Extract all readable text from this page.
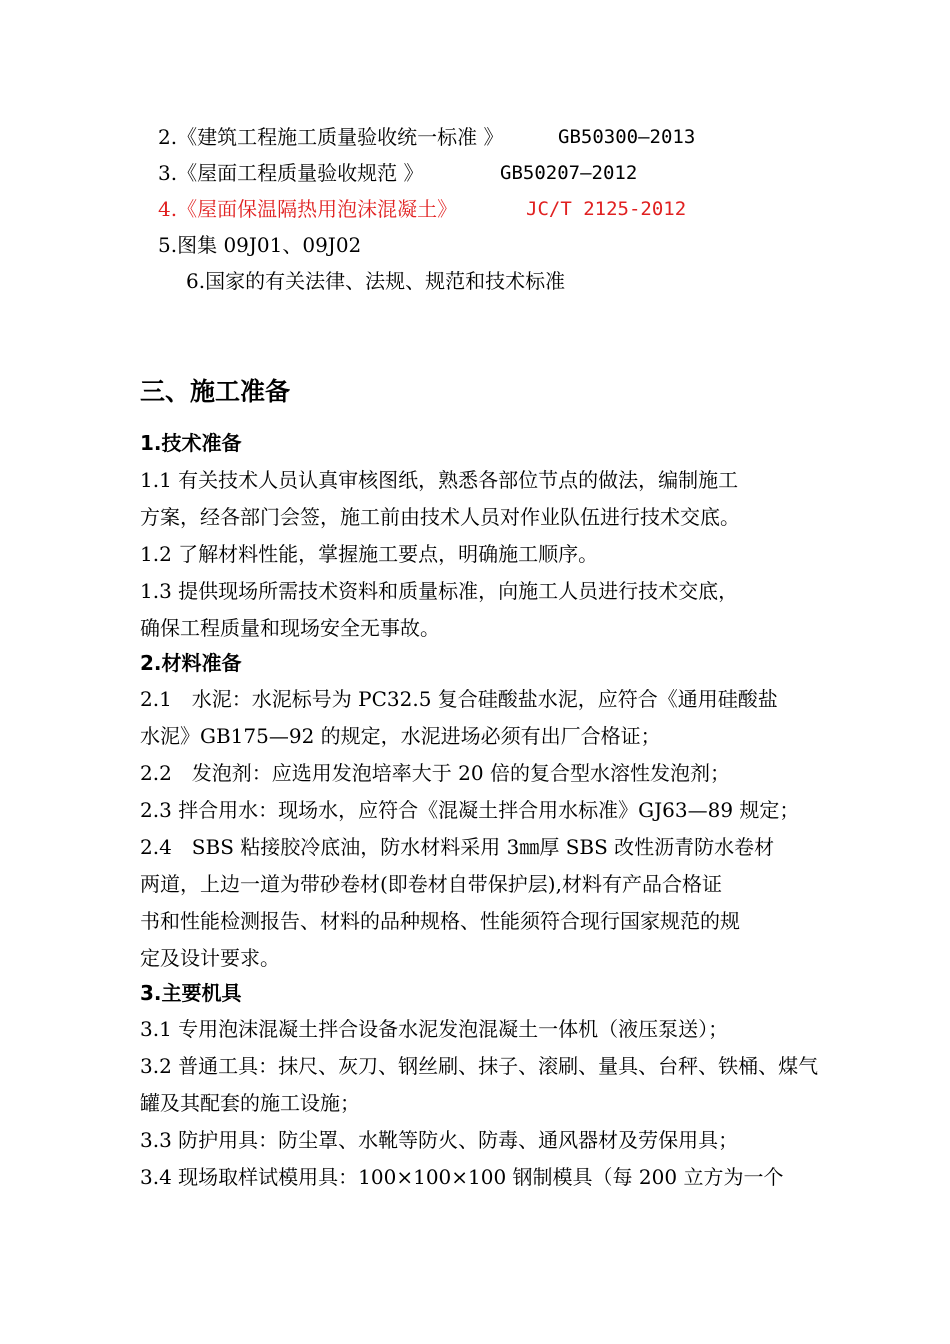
2.《建筑工程施工质量验收统一标准 》	GB50300—2013
3.《屋面工程质量验收规范 》	GB50207—2012
4.《屋面保温隔热用泡沫混凝土》	JC/T 2125-2012
5.图集 09J01、09J02
6.国家的有关法律、法规、规范和技术标准
三、施工准备
1.技术准备
1.1 有关技术人员认真审核图纸，熟悉各部位节点的做法，编制施工
方案，经各部门会签，施工前由技术人员对作业队伍进行技术交底。
1.2 了解材料性能，掌握施工要点，明确施工顺序。
1.3 提供现场所需技术资料和质量标准，向施工人员进行技术交底，
确保工程质量和现场安全无事故。
2.材料准备
2.1　水泥：水泥标号为 PC32.5 复合硅酸盐水泥，应符合《通用硅酸盐
水泥》GB175—92 的规定，水泥进场必须有出厂合格证；
2.2　发泡剂：应选用发泡培率大于 20 倍的复合型水溶性发泡剂；
2.3 拌合用水：现场水，应符合《混凝土拌合用水标准》GJ63—89 规定；
2.4　SBS 粘接胶冷底油，防水材料采用 3㎜厚 SBS 改性沥青防水卷材
两道，上边一道为带砂卷材(即卷材自带保护层),材料有产品合格证
书和性能检测报告、材料的品种规格、性能须符合现行国家规范的规
定及设计要求。
3.主要机具
3.1 专用泡沫混凝土拌合设备水泥发泡混凝土一体机（液压泵送）；
3.2 普通工具：抹尺、灰刀、钢丝刷、抹子、滚刷、量具、台秤、铁桶、煤气
罐及其配套的施工设施；
3.3 防护用具：防尘罩、水靴等防火、防毒、通风器材及劳保用具；
3.4 现场取样试模用具：100×100×100 钢制模具（每 200 立方为一个
